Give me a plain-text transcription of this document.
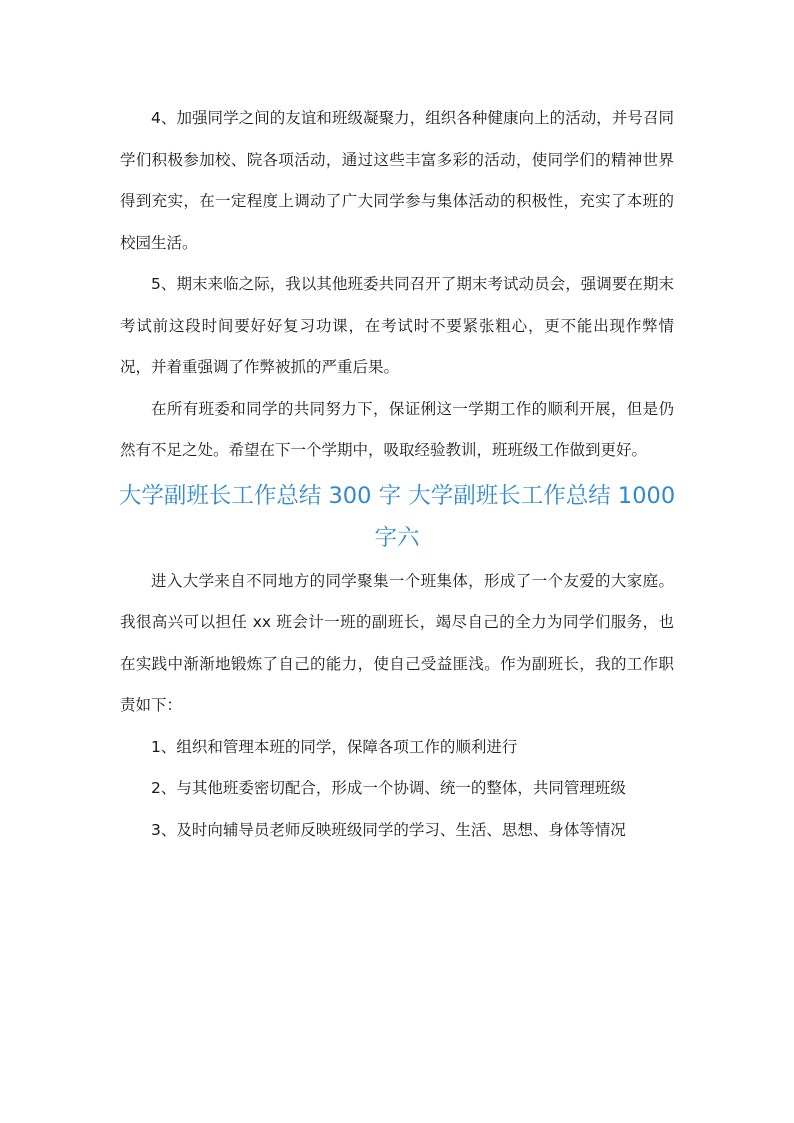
4、加强同学之间的友谊和班级凝聚力，组织各种健康向上的活动，并号召同学们积极参加校、院各项活动，通过这些丰富多彩的活动，使同学们的精神世界得到充实，在一定程度上调动了广大同学参与集体活动的积极性，充实了本班的校园生活。

5、期末来临之际，我以其他班委共同召开了期末考试动员会，强调要在期末考试前这段时间要好好复习功课，在考试时不要紧张粗心，更不能出现作弊情况，并着重强调了作弊被抓的严重后果。

在所有班委和同学的共同努力下，保证俐这一学期工作的顺利开展，但是仍然有不足之处。希望在下一个学期中，吸取经验教训，班班级工作做到更好。

大学副班长工作总结 300 字 大学副班长工作总结 1000 字六

进入大学来自不同地方的同学聚集一个班集体，形成了一个友爱的大家庭。我很高兴可以担任 xx 班会计一班的副班长，竭尽自己的全力为同学们服务，也在实践中渐渐地锻炼了自己的能力，使自己受益匪浅。作为副班长，我的工作职责如下：

1、组织和管理本班的同学，保障各项工作的顺利进行

2、与其他班委密切配合，形成一个协调、统一的整体，共同管理班级

3、及时向辅导员老师反映班级同学的学习、生活、思想、身体等情况
